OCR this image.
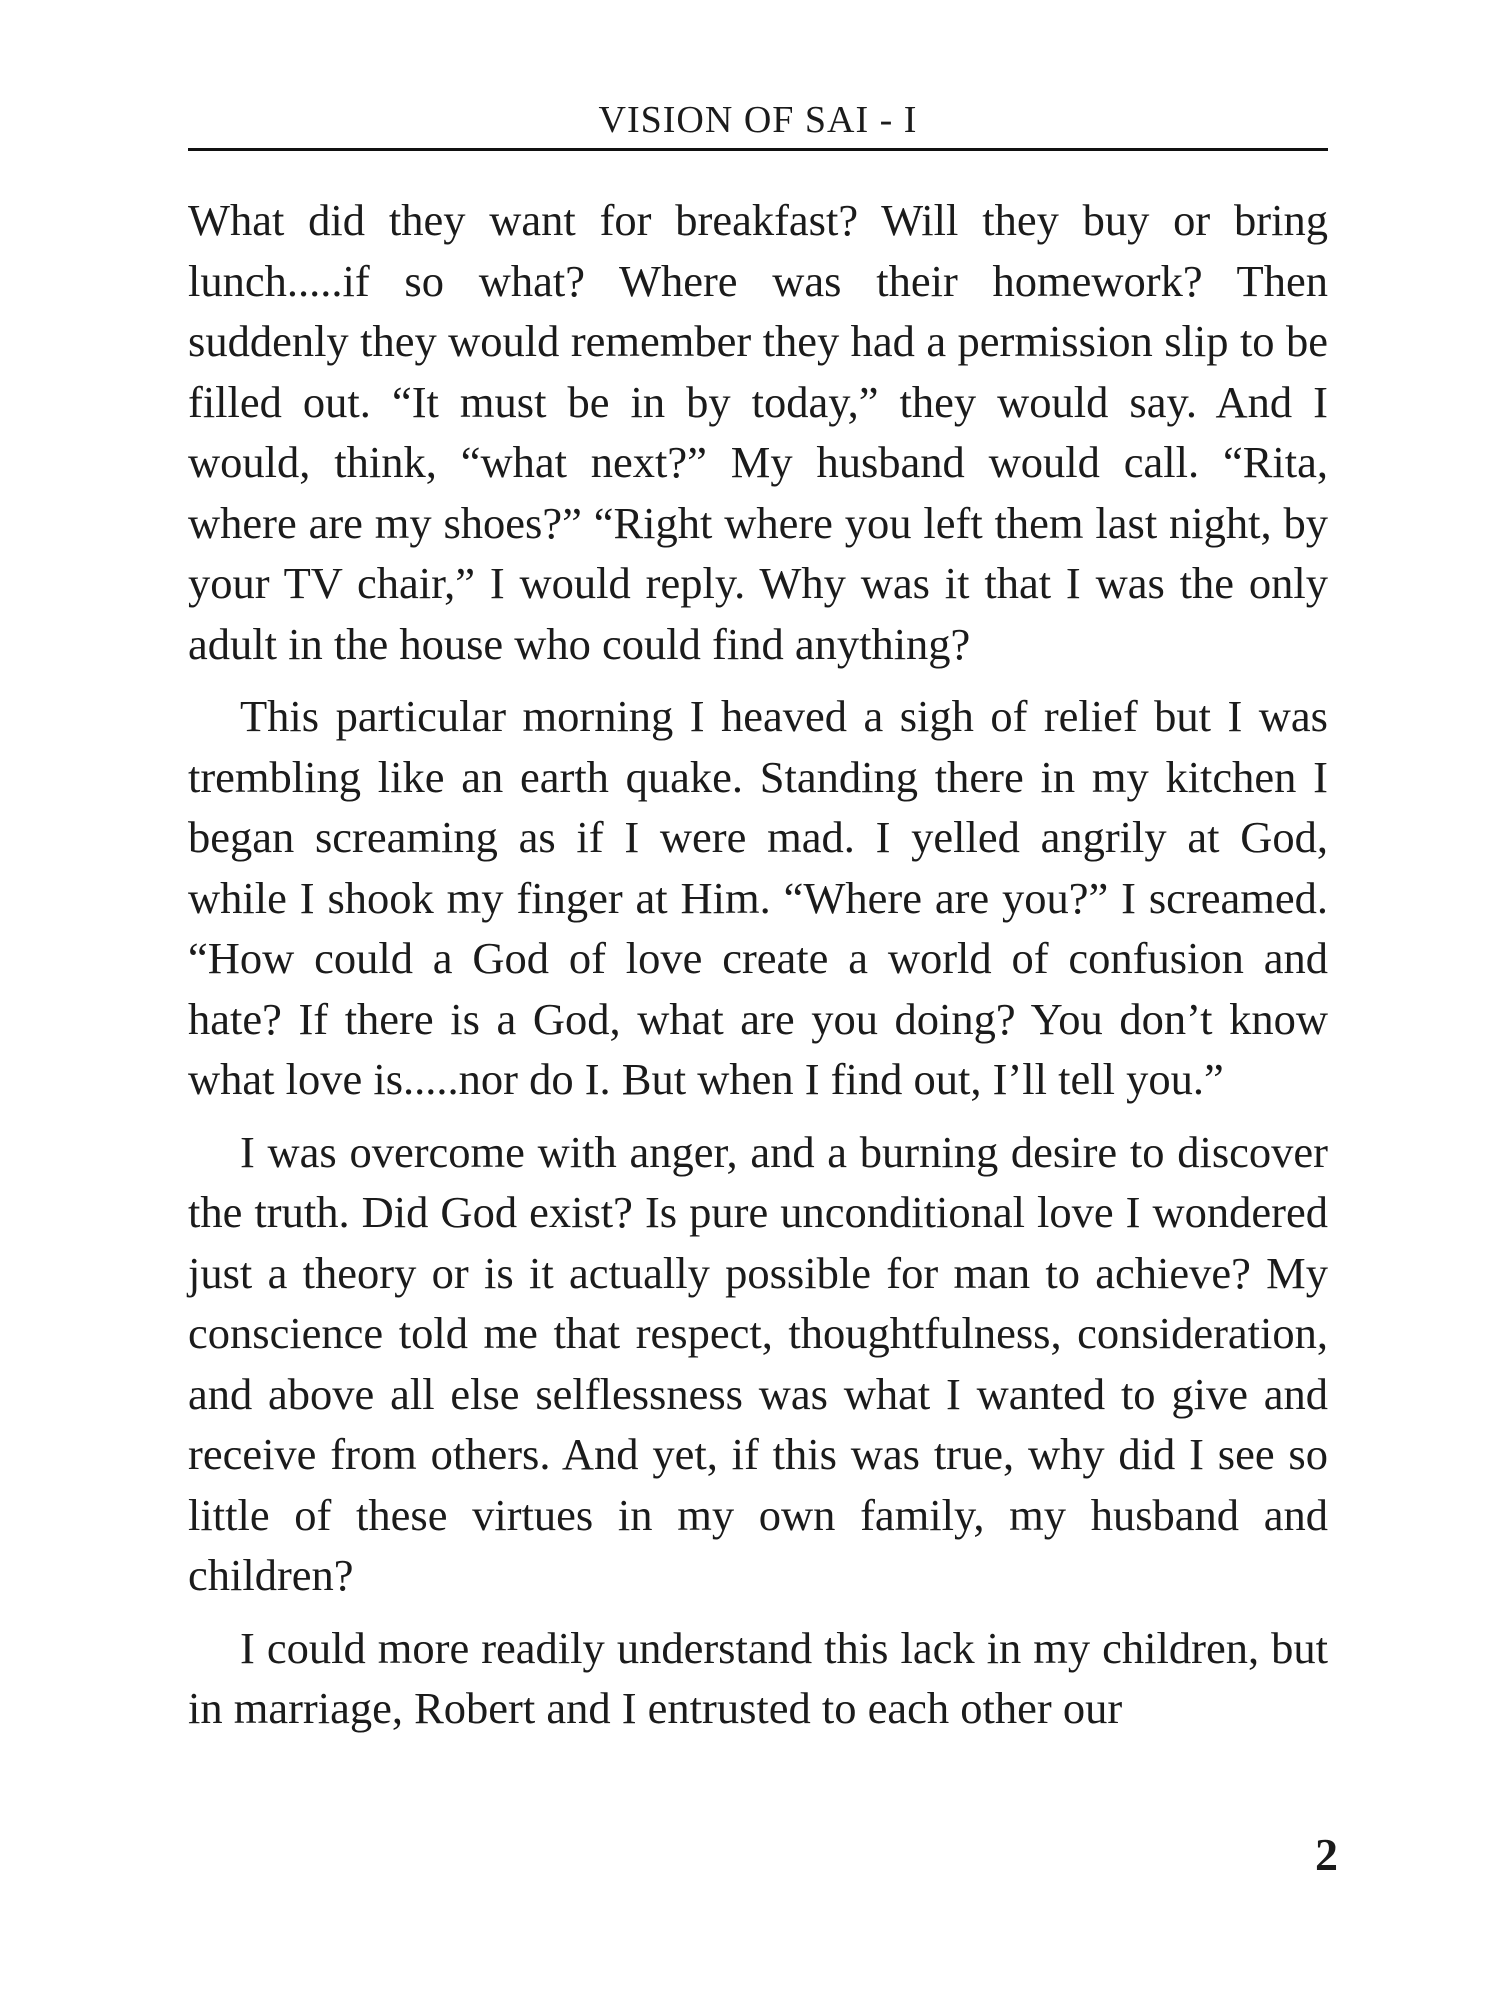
VISION OF SAI - I

What did they want for breakfast? Will they buy or bring lunch.....if so what? Where was their homework? Then suddenly they would remember they had a permission slip to be filled out. “It must be in by today,” they would say. And I would, think, “what next?” My husband would call. “Rita, where are my shoes?” “Right where you left them last night, by your TV chair,” I would reply. Why was it that I was the only adult in the house who could find anything?

This particular morning I heaved a sigh of relief but I was trembling like an earth quake. Standing there in my kitchen I began screaming as if I were mad. I yelled angrily at God, while I shook my finger at Him. “Where are you?” I screamed. “How could a God of love create a world of confusion and hate? If there is a God, what are you doing? You don’t know what love is.....nor do I. But when I find out, I’ll tell you.”

I was overcome with anger, and a burning desire to discover the truth. Did God exist? Is pure unconditional love I wondered just a theory or is it actually possible for man to achieve? My conscience told me that respect, thoughtfulness, consideration, and above all else selflessness was what I wanted to give and receive from others. And yet, if this was true, why did I see so little of these virtues in my own family, my husband and children?

I could more readily understand this lack in my children, but in marriage, Robert and I entrusted to each other our

2
